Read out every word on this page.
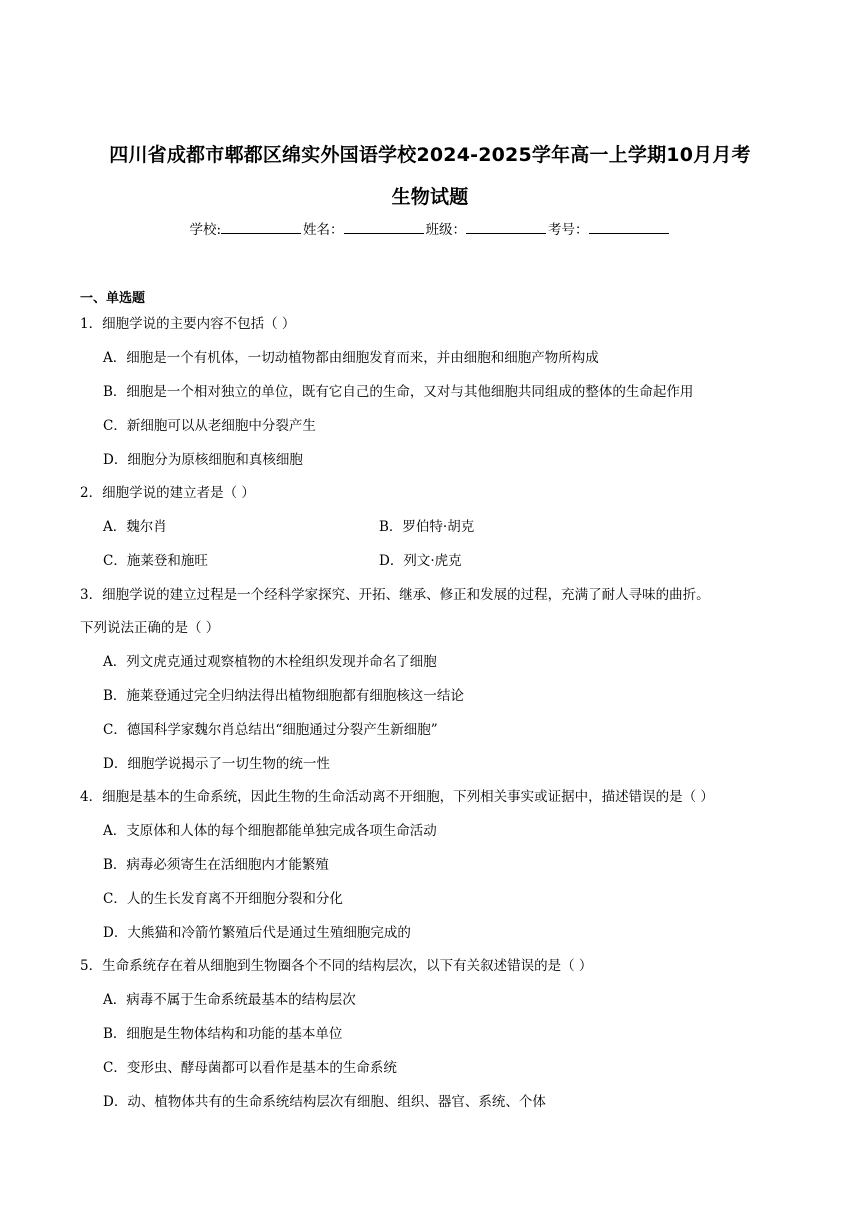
四川省成都市郫都区绵实外国语学校2024-2025学年高一上学期10月月考
生物试题
学校:	姓名：	班级：	考号：
一、单选题
1．细胞学说的主要内容不包括（ ）
A．细胞是一个有机体，一切动植物都由细胞发育而来，并由细胞和细胞产物所构成
B．细胞是一个相对独立的单位，既有它自己的生命，又对与其他细胞共同组成的整体的生命起作用
C．新细胞可以从老细胞中分裂产生
D．细胞分为原核细胞和真核细胞
2．细胞学说的建立者是（ ）
A．魏尔肖	B．罗伯特·胡克
C．施莱登和施旺	D．列文·虎克
3．细胞学说的建立过程是一个经科学家探究、开拓、继承、修正和发展的过程，充满了耐人寻味的曲折。
下列说法正确的是（ ）
A．列文虎克通过观察植物的木栓组织发现并命名了细胞
B．施莱登通过完全归纳法得出植物细胞都有细胞核这一结论
C．德国科学家魏尔肖总结出“细胞通过分裂产生新细胞”
D．细胞学说揭示了一切生物的统一性
4．细胞是基本的生命系统，因此生物的生命活动离不开细胞，下列相关事实或证据中，描述错误的是（ ）
A．支原体和人体的每个细胞都能单独完成各项生命活动
B．病毒必须寄生在活细胞内才能繁殖
C．人的生长发育离不开细胞分裂和分化
D．大熊猫和冷箭竹繁殖后代是通过生殖细胞完成的
5．生命系统存在着从细胞到生物圈各个不同的结构层次，以下有关叙述错误的是（ ）
A．病毒不属于生命系统最基本的结构层次
B．细胞是生物体结构和功能的基本单位
C．变形虫、酵母菌都可以看作是基本的生命系统
D．动、植物体共有的生命系统结构层次有细胞、组织、器官、系统、个体
